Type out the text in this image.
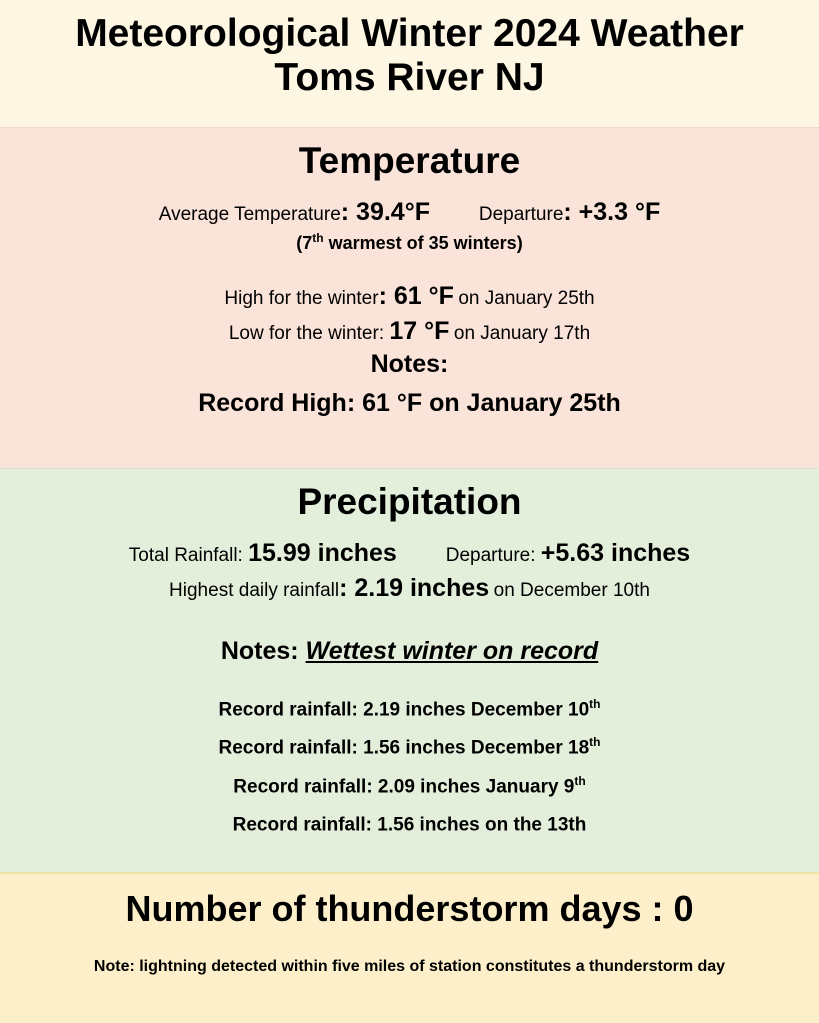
Meteorological Winter 2024 Weather

Toms River NJ

Temperature

Average Temperature: 39.4°F	Departure: +3.3 °F

(7th warmest of 35 winters)

High for the winter: 61 °F on January 25th

Low for the winter: 17 °F on January 17th

Notes:

Record High: 61 °F on January 25th

Precipitation

Total Rainfall: 15.99 inches	Departure: +5.63 inches

Highest daily rainfall: 2.19 inches on December 10th

Notes: Wettest winter on record

Record rainfall: 2.19 inches December 10th

Record rainfall: 1.56 inches December 18th

Record rainfall: 2.09 inches January 9th

Record rainfall: 1.56 inches on the 13th

Number of thunderstorm days : 0

Note: lightning detected within five miles of station constitutes a thunderstorm day
